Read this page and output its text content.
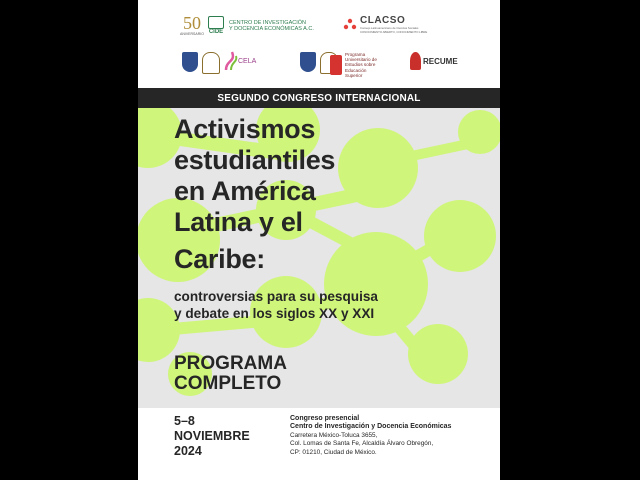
50
ANIVERSARIO CIDE
CENTRO DE INVESTIGACIÓN
Y DOCENCIA ECONÓMICAS A.C.
CLACSO
Consejo Latinoamericano de Ciencias Sociales
CONOCIMIENTO ABIERTO, CONOCIMIENTO LIBRE
CELA
Programa
Universitario de
Estudios sobre
Educación
Superior
RECUME
SEGUNDO CONGRESO INTERNACIONAL
Activismos
estudiantiles
en América
Latina y el
Caribe:
controversias para su pesquisa
y debate en los siglos XX y XXI
PROGRAMA
COMPLETO
5–8
NOVIEMBRE
2024
Congreso presencial
Centro de Investigación y Docencia Económicas
Carretera México-Toluca 3655,
Col. Lomas de Santa Fe, Alcaldía Álvaro Obregón,
CP: 01210, Ciudad de México.
